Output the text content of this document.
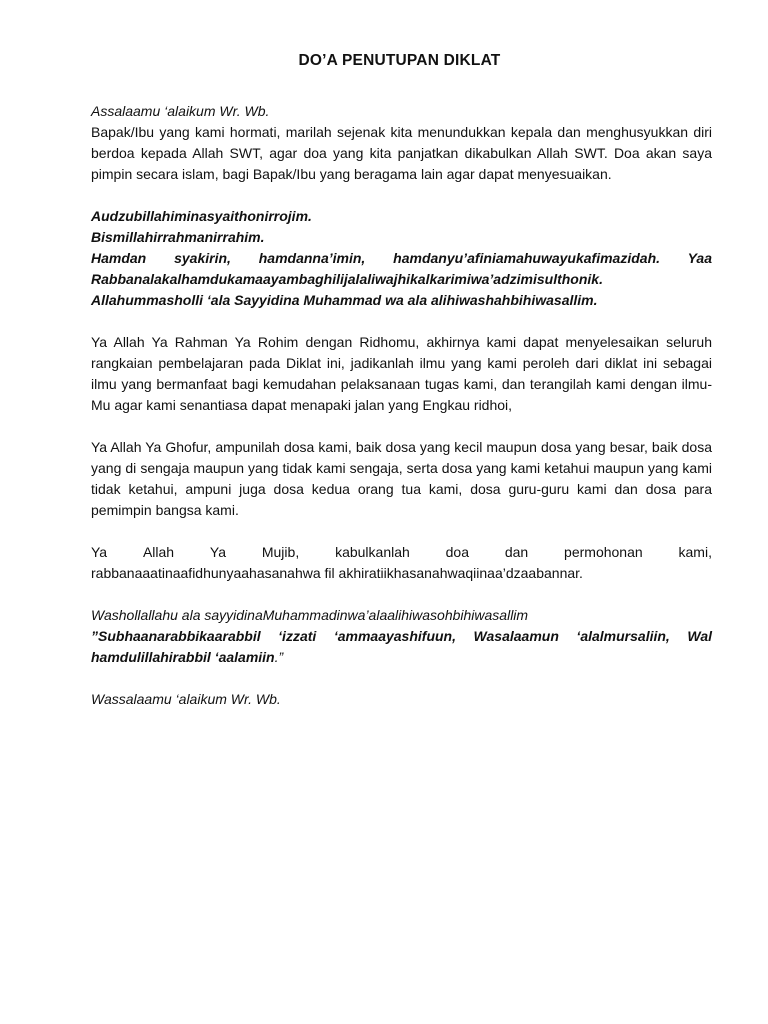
DO’A PENUTUPAN DIKLAT

Assalaamu ‘alaikum Wr. Wb.

Bapak/Ibu yang kami hormati, marilah sejenak kita menundukkan kepala dan menghusyukkan diri berdoa kepada Allah SWT, agar doa yang kita panjatkan dikabulkan Allah SWT. Doa akan saya pimpin secara islam, bagi Bapak/Ibu yang beragama lain agar dapat menyesuaikan.

Audzubillahiminasyaithonirrojim.

Bismillahirrahmanirrahim.

Hamdan syakirin, hamdanna’imin, hamdanyu’afiniamahuwayukafimazidah. Yaa Rabbanalakalhamdukamaayambaghilijalaliwajhikalkarimiwa’adzimisulthonik.

Allahummasholli ‘ala Sayyidina Muhammad wa ala alihiwashahbihiwasallim.

Ya Allah Ya Rahman Ya Rohim dengan Ridhomu, akhirnya kami dapat menyelesaikan seluruh rangkaian pembelajaran pada Diklat ini, jadikanlah ilmu yang kami peroleh dari diklat ini sebagai ilmu yang bermanfaat bagi kemudahan pelaksanaan tugas kami, dan terangilah kami dengan ilmu-Mu agar kami senantiasa dapat menapaki jalan yang Engkau ridhoi,

Ya Allah Ya Ghofur, ampunilah dosa kami, baik dosa yang kecil maupun dosa yang besar, baik dosa yang di sengaja maupun yang tidak kami sengaja, serta dosa yang kami ketahui maupun yang kami tidak ketahui, ampuni juga dosa kedua orang tua kami, dosa guru-guru kami dan dosa para pemimpin bangsa kami.

Ya	Allah	Ya	Mujib,	kabulkanlah	doa	dan	permohonan	kami,

rabbanaaatinaafidhunyaahasanahwa fil akhiratiikhasanahwaqiinaa’dzaabannar.

Washollallahu ala sayyidinaMuhammadinwa’alaalihiwasohbihiwasallim

”Subhaanarabbikaarabbil ‘izzati ‘ammaayashifuun, Wasalaamun ‘alalmursaliin, Wal hamdulillahirabbil ‘aalamiin.”

Wassalaamu ‘alaikum Wr. Wb.
